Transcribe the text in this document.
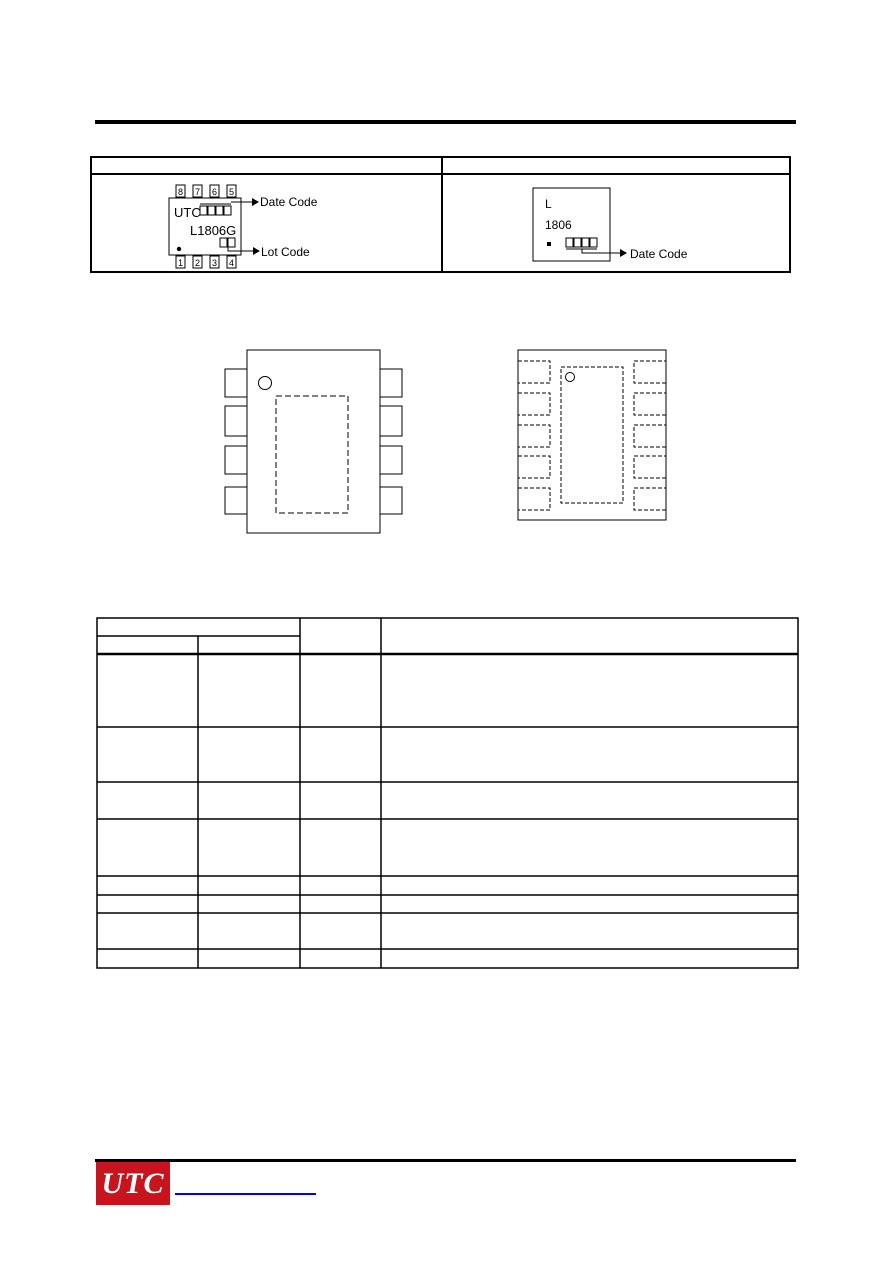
8 7 6 5
UTC
L1806G
1 2 3 4
Date Code
Lot Code
L
1806
Date Code
UTC
